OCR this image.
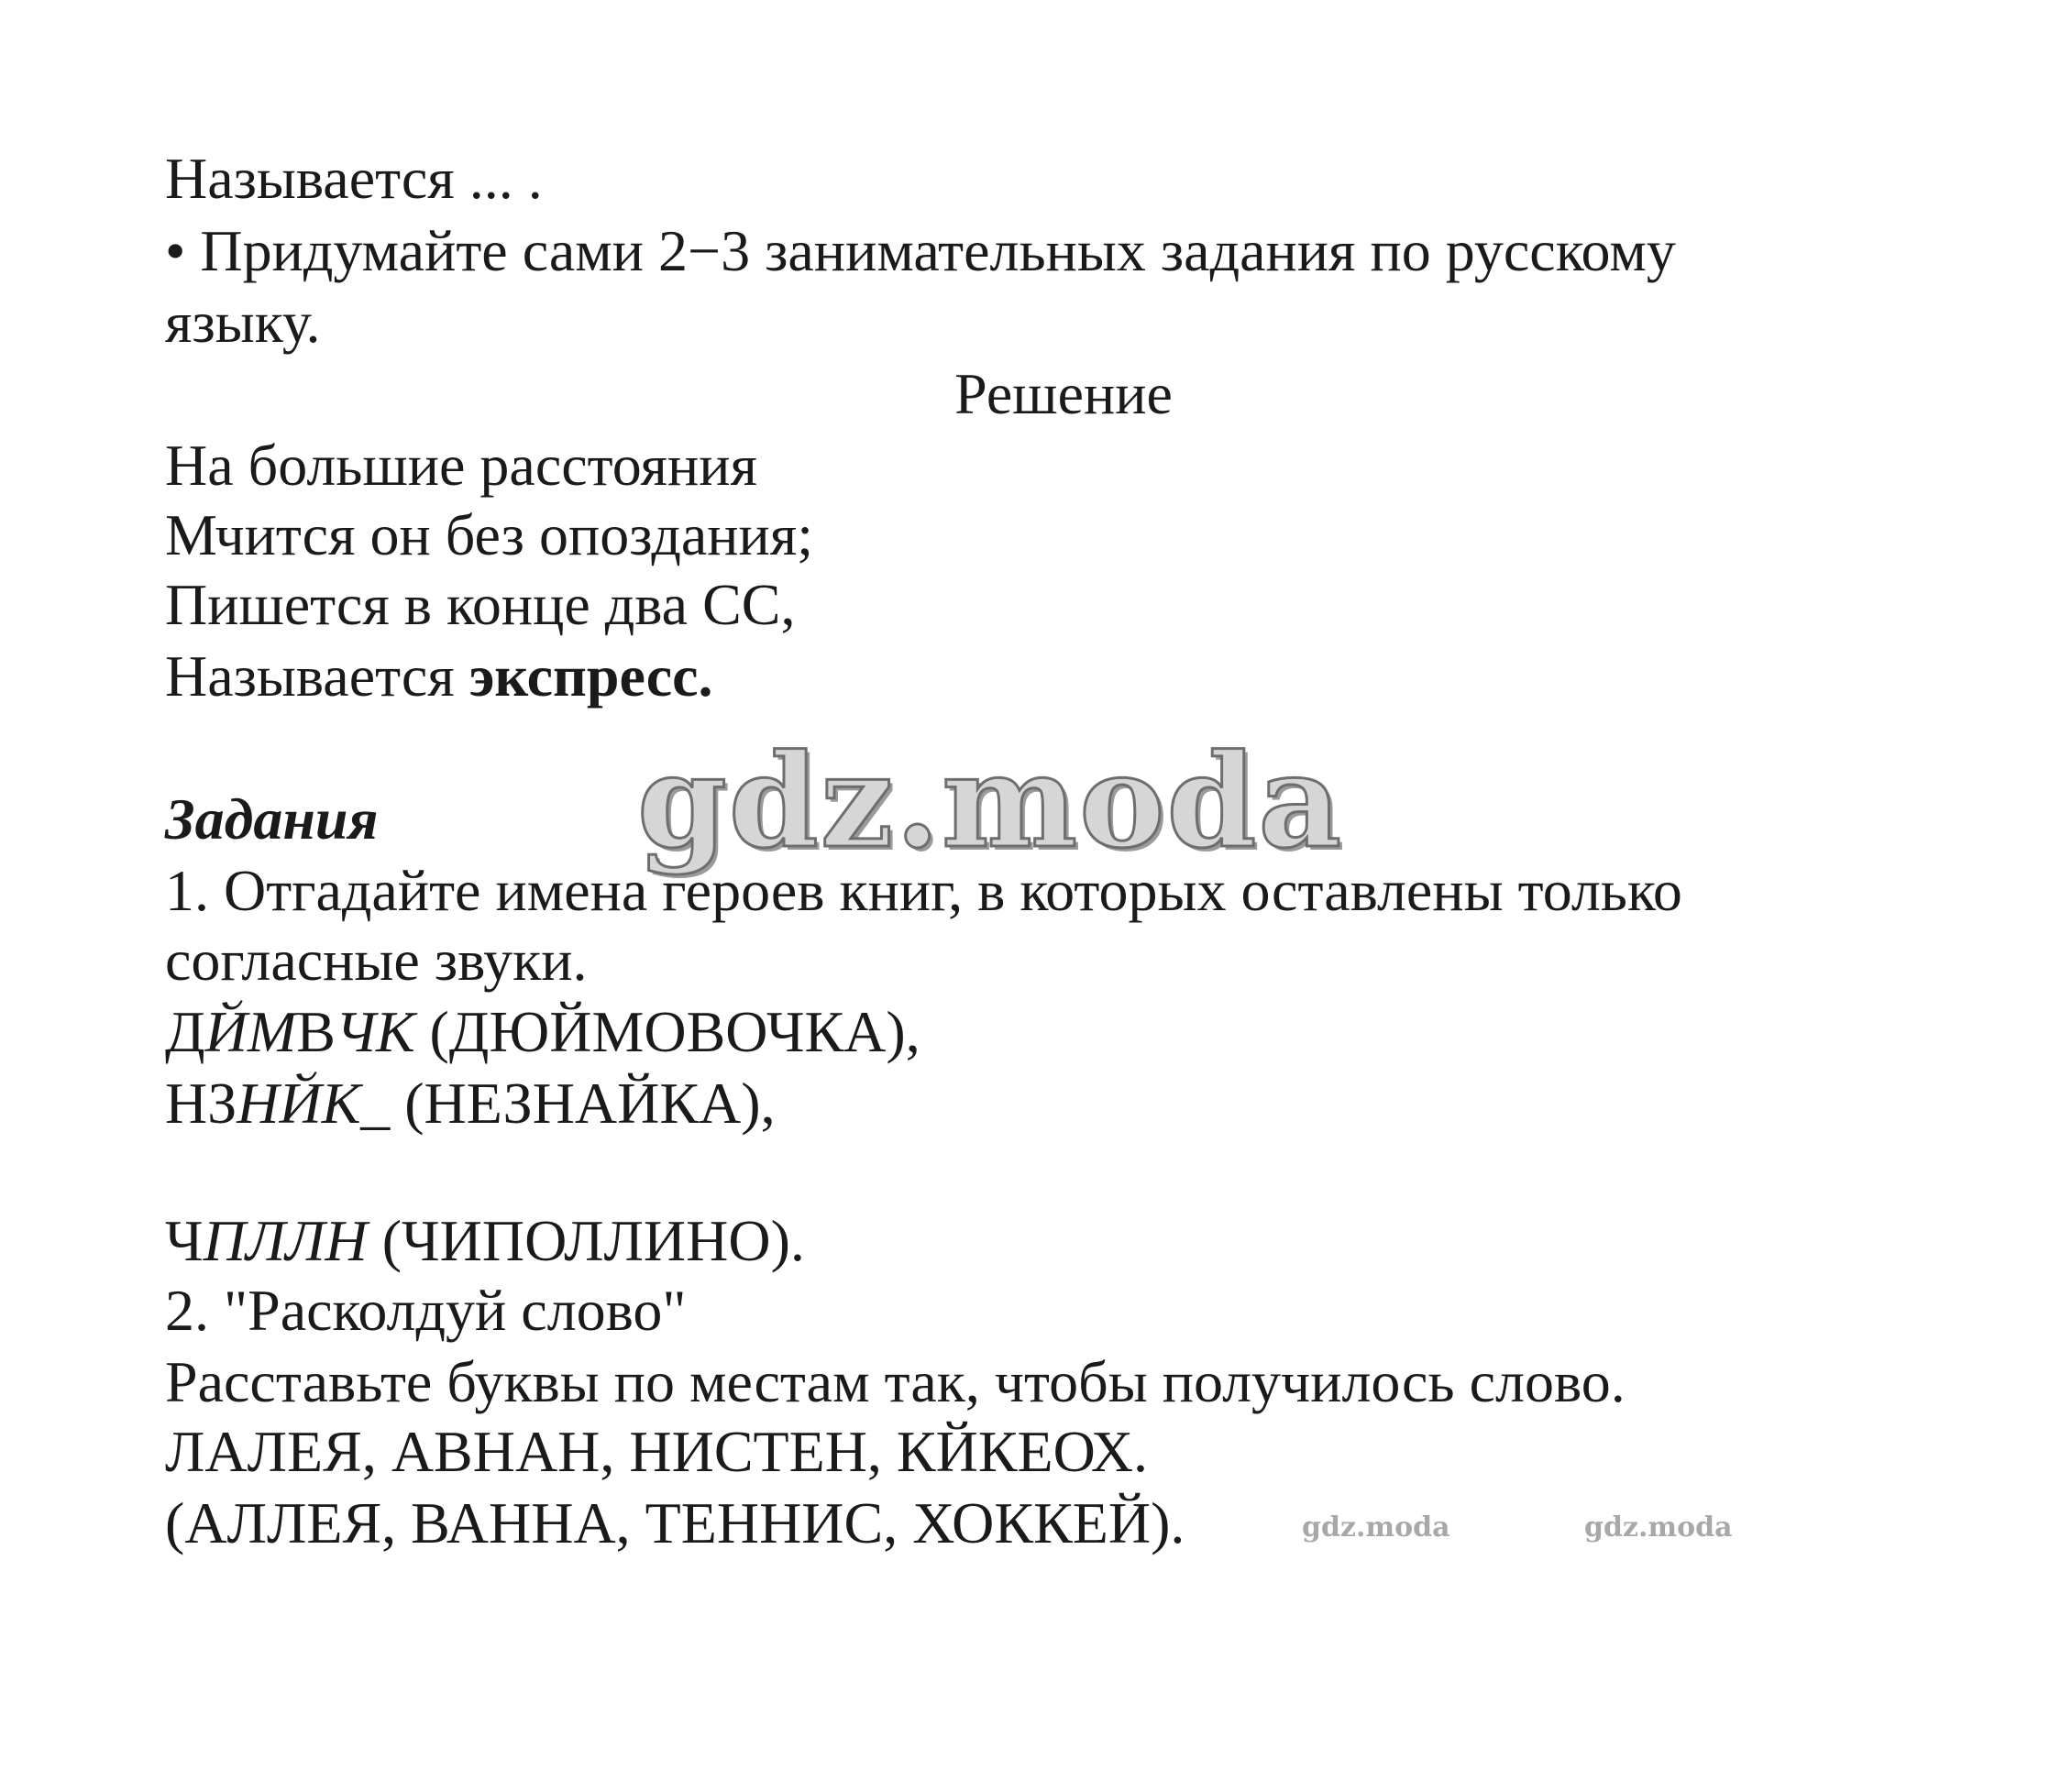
Называется ... .

• Придумайте сами 2−3 занимательных задания по русскому

языку.

Решение

На большие расстояния

Мчится он без опоздания;

Пишется в конце два СС,

Называется экспресс.

Задания

1. Отгадайте имена героев книг, в которых оставлены только

согласные звуки.

ДЙМВЧК (ДЮЙМОВОЧКА),

НЗНЙК_ (НЕЗНАЙКА),

ЧПЛЛН (ЧИПОЛЛИНО).

2. "Расколдуй слово"

Расставьте буквы по местам так, чтобы получилось слово.

ЛАЛЕЯ, АВНАН, НИСТЕН, КЙКЕОХ.

(АЛЛЕЯ, ВАННА, ТЕННИС, ХОККЕЙ).

gdz.moda
gdz.moda	gdz.moda
